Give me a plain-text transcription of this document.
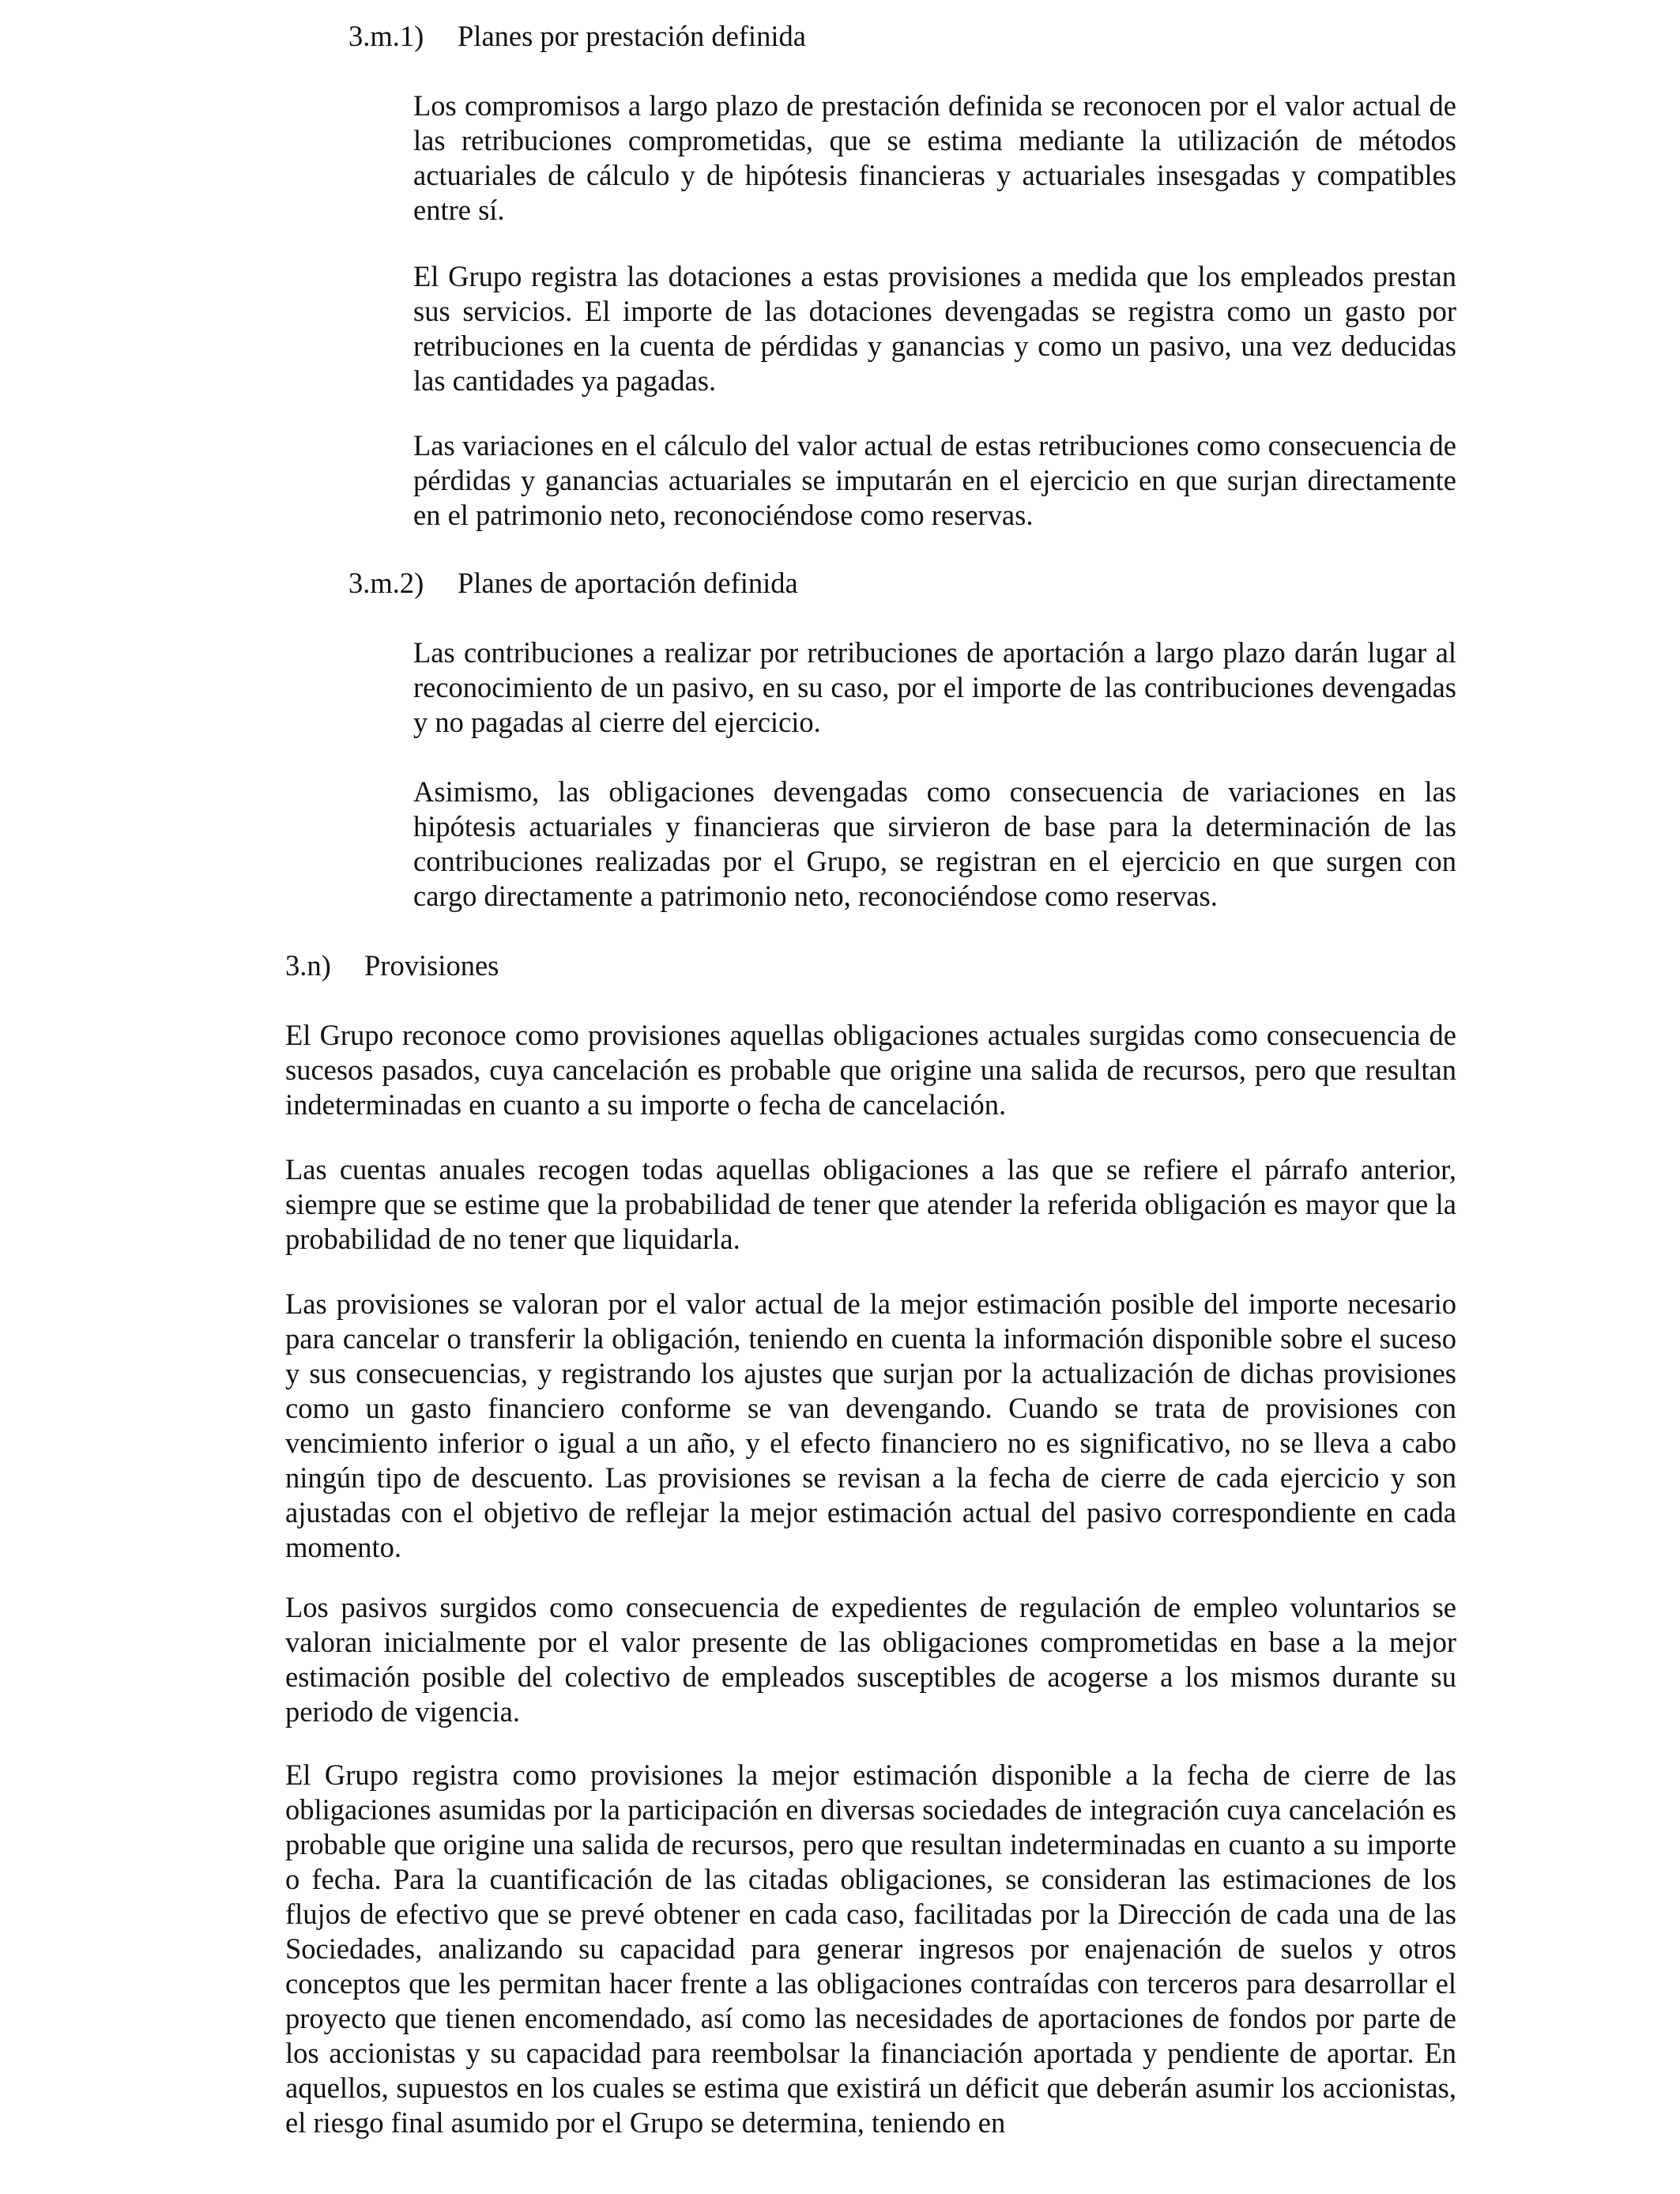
3.m.1) Planes por prestación definida

Los compromisos a largo plazo de prestación definida se reconocen por el valor actual de las retribuciones comprometidas, que se estima mediante la utilización de métodos actuariales de cálculo y de hipótesis financieras y actuariales insesgadas y compatibles entre sí.

El Grupo registra las dotaciones a estas provisiones a medida que los empleados prestan sus servicios. El importe de las dotaciones devengadas se registra como un gasto por retribuciones en la cuenta de pérdidas y ganancias y como un pasivo, una vez deducidas las cantidades ya pagadas.

Las variaciones en el cálculo del valor actual de estas retribuciones como consecuencia de pérdidas y ganancias actuariales se imputarán en el ejercicio en que surjan directamente en el patrimonio neto, reconociéndose como reservas.

3.m.2) Planes de aportación definida

Las contribuciones a realizar por retribuciones de aportación a largo plazo darán lugar al reconocimiento de un pasivo, en su caso, por el importe de las contribuciones devengadas y no pagadas al cierre del ejercicio.

Asimismo, las obligaciones devengadas como consecuencia de variaciones en las hipótesis actuariales y financieras que sirvieron de base para la determinación de las contribuciones realizadas por el Grupo, se registran en el ejercicio en que surgen con cargo directamente a patrimonio neto, reconociéndose como reservas.

3.n) Provisiones

El Grupo reconoce como provisiones aquellas obligaciones actuales surgidas como consecuencia de sucesos pasados, cuya cancelación es probable que origine una salida de recursos, pero que resultan indeterminadas en cuanto a su importe o fecha de cancelación.

Las cuentas anuales recogen todas aquellas obligaciones a las que se refiere el párrafo anterior, siempre que se estime que la probabilidad de tener que atender la referida obligación es mayor que la probabilidad de no tener que liquidarla.

Las provisiones se valoran por el valor actual de la mejor estimación posible del importe necesario para cancelar o transferir la obligación, teniendo en cuenta la información disponible sobre el suceso y sus consecuencias, y registrando los ajustes que surjan por la actualización de dichas provisiones como un gasto financiero conforme se van devengando. Cuando se trata de provisiones con vencimiento inferior o igual a un año, y el efecto financiero no es significativo, no se lleva a cabo ningún tipo de descuento. Las provisiones se revisan a la fecha de cierre de cada ejercicio y son ajustadas con el objetivo de reflejar la mejor estimación actual del pasivo correspondiente en cada momento.

Los pasivos surgidos como consecuencia de expedientes de regulación de empleo voluntarios se valoran inicialmente por el valor presente de las obligaciones comprometidas en base a la mejor estimación posible del colectivo de empleados susceptibles de acogerse a los mismos durante su periodo de vigencia.

El Grupo registra como provisiones la mejor estimación disponible a la fecha de cierre de las obligaciones asumidas por la participación en diversas sociedades de integración cuya cancelación es probable que origine una salida de recursos, pero que resultan indeterminadas en cuanto a su importe o fecha. Para la cuantificación de las citadas obligaciones, se consideran las estimaciones de los flujos de efectivo que se prevé obtener en cada caso, facilitadas por la Dirección de cada una de las Sociedades, analizando su capacidad para generar ingresos por enajenación de suelos y otros conceptos que les permitan hacer frente a las obligaciones contraídas con terceros para desarrollar el proyecto que tienen encomendado, así como las necesidades de aportaciones de fondos por parte de los accionistas y su capacidad para reembolsar la financiación aportada y pendiente de aportar. En aquellos, supuestos en los cuales se estima que existirá un déficit que deberán asumir los accionistas, el riesgo final asumido por el Grupo se determina, teniendo en
